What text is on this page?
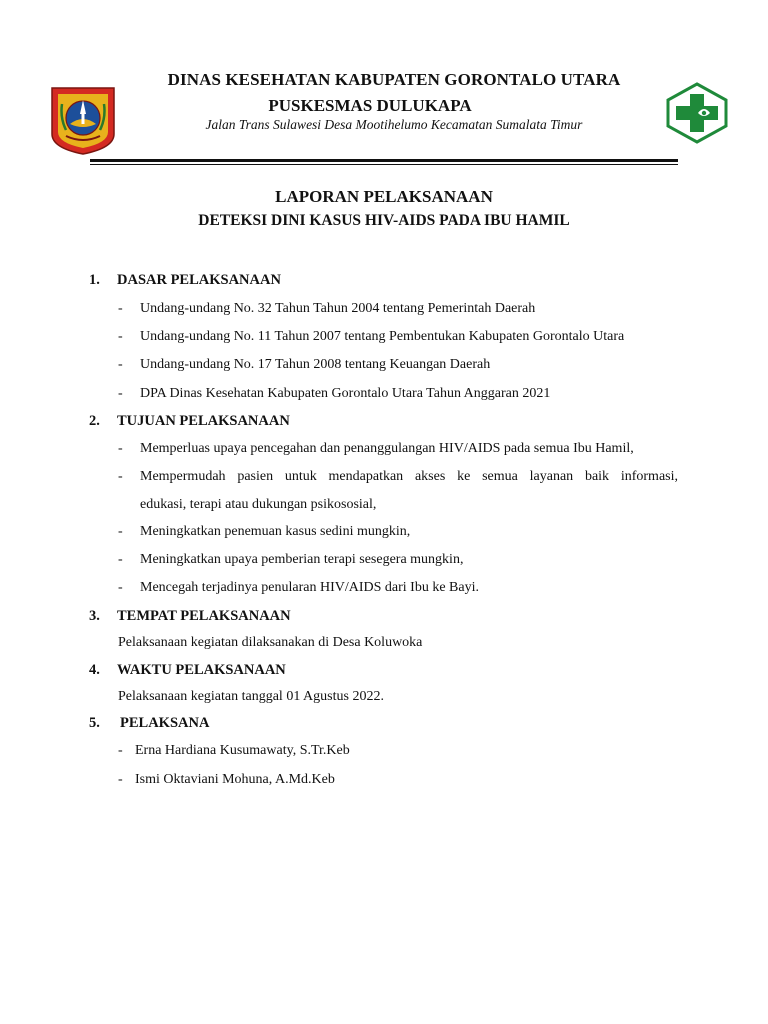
DINAS KESEHATAN KABUPATEN GORONTALO UTARA
PUSKESMAS DULUKAPA
Jalan Trans Sulawesi Desa Mootihelumo Kecamatan Sumalata Timur
LAPORAN PELAKSANAAN
DETEKSI DINI KASUS HIV-AIDS PADA IBU HAMIL
1. DASAR PELAKSANAAN
- Undang-undang No. 32 Tahun Tahun 2004 tentang Pemerintah Daerah
- Undang-undang No. 11 Tahun 2007 tentang Pembentukan Kabupaten Gorontalo Utara
- Undang-undang No. 17 Tahun 2008 tentang Keuangan Daerah
- DPA Dinas Kesehatan Kabupaten Gorontalo Utara Tahun Anggaran 2021
2. TUJUAN PELAKSANAAN
- Memperluas upaya pencegahan dan penanggulangan HIV/AIDS pada semua Ibu Hamil,
- Mempermudah pasien untuk mendapatkan akses ke semua layanan baik informasi,
edukasi, terapi atau dukungan psikososial,
- Meningkatkan penemuan kasus sedini mungkin,
- Meningkatkan upaya pemberian terapi sesegera mungkin,
- Mencegah terjadinya penularan HIV/AIDS dari Ibu ke Bayi.
3. TEMPAT PELAKSANAAN
Pelaksanaan kegiatan dilaksanakan di Desa Koluwoka
4. WAKTU PELAKSANAAN
Pelaksanaan kegiatan tanggal 01 Agustus 2022.
5. PELAKSANA
- Erna Hardiana Kusumawaty, S.Tr.Keb
- Ismi Oktaviani Mohuna, A.Md.Keb
